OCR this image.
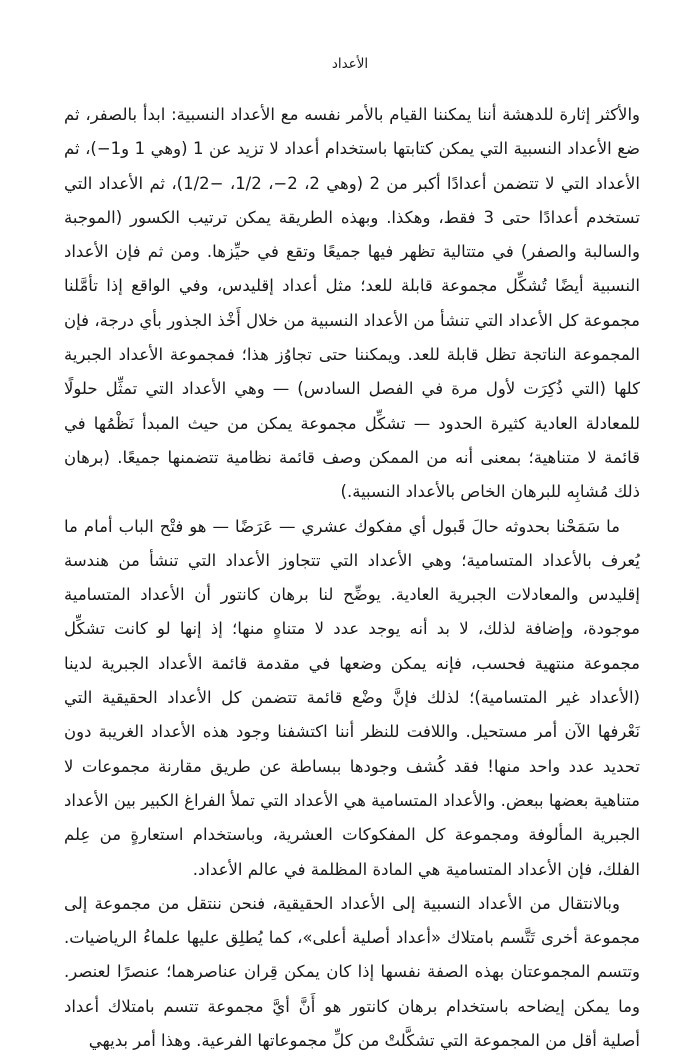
الأعداد

والأكثر إثارة للدهشة أننا يمكننا القيام بالأمر نفسه مع الأعداد النسبية: ابدأ بالصفر، ثم ضع الأعداد النسبية التي يمكن كتابتها باستخدام أعداد لا تزيد عن 1 (وهي 1 و1−)، ثم الأعداد التي لا تتضمن أعدادًا أكبر من 2 (وهي 2، 2−، 1/2، −1/2)، ثم الأعداد التي تستخدم أعدادًا حتى 3 فقط، وهكذا. وبهذه الطريقة يمكن ترتيب الكسور (الموجبة والسالبة والصفر) في متتالية تظهر فيها جميعًا وتقع في حيِّزها. ومن ثم فإن الأعداد النسبية أيضًا تُشكِّل مجموعة قابلة للعد؛ مثل أعداد إقليدس، وفي الواقع إذا تأمَّلنا مجموعة كل الأعداد التي تنشأ من الأعداد النسبية من خلال أَخْذ الجذور بأي درجة، فإن المجموعة الناتجة تظل قابلة للعد. ويمكننا حتى تجاوُز هذا؛ فمجموعة الأعداد الجبرية كلها (التي ذُكِرَت لأول مرة في الفصل السادس) — وهي الأعداد التي تمثِّل حلولًا للمعادلة العادية كثيرة الحدود — تشكِّل مجموعة يمكن من حيث المبدأ نَظْمُها في قائمة لا متناهية؛ بمعنى أنه من الممكن وصف قائمة نظامية تتضمنها جميعًا. (برهان ذلك مُشابِه للبرهان الخاص بالأعداد النسبية.)

ما سَمَحْنا بحدوثه حالَ قَبول أي مفكوك عشري — عَرَضًا — هو فتْح الباب أمام ما يُعرف بالأعداد المتسامية؛ وهي الأعداد التي تتجاوز الأعداد التي تنشأ من هندسة إقليدس والمعادلات الجبرية العادية. يوضِّح لنا برهان كانتور أن الأعداد المتسامية موجودة، وإضافة لذلك، لا بد أنه يوجد عدد لا متناهٍ منها؛ إذ إنها لو كانت تشكِّل مجموعة منتهية فحسب، فإنه يمكن وضعها في مقدمة قائمة الأعداد الجبرية لدينا (الأعداد غير المتسامية)؛ لذلك فإنَّ وضْع قائمة تتضمن كل الأعداد الحقيقية التي نَعْرفها الآن أمر مستحيل. واللافت للنظر أننا اكتشفنا وجود هذه الأعداد الغريبة دون تحديد عدد واحد منها! فقد كُشف وجودها ببساطة عن طريق مقارنة مجموعات لا متناهية بعضها ببعض. والأعداد المتسامية هي الأعداد التي تملأ الفراغ الكبير بين الأعداد الجبرية المألوفة ومجموعة كل المفكوكات العشرية، وباستخدام استعارةٍ من عِلم الفلك، فإن الأعداد المتسامية هي المادة المظلمة في عالم الأعداد.

وبالانتقال من الأعداد النسبية إلى الأعداد الحقيقية، فنحن ننتقل من مجموعة إلى مجموعة أخرى تَتَّسم بامتلاك «أعداد أصلية أعلى»، كما يُطلِق عليها علماءُ الرياضيات. وتتسم المجموعتان بهذه الصفة نفسها إذا كان يمكن قِران عناصرهما؛ عنصرًا لعنصر. وما يمكن إيضاحه باستخدام برهان كانتور هو أَنَّ أيَّ مجموعة تتسم بامتلاك أعداد أصلية أقل من المجموعة التي تشكَّلتْ من كلِّ مجموعاتها الفرعية. وهذا أمر بديهي
